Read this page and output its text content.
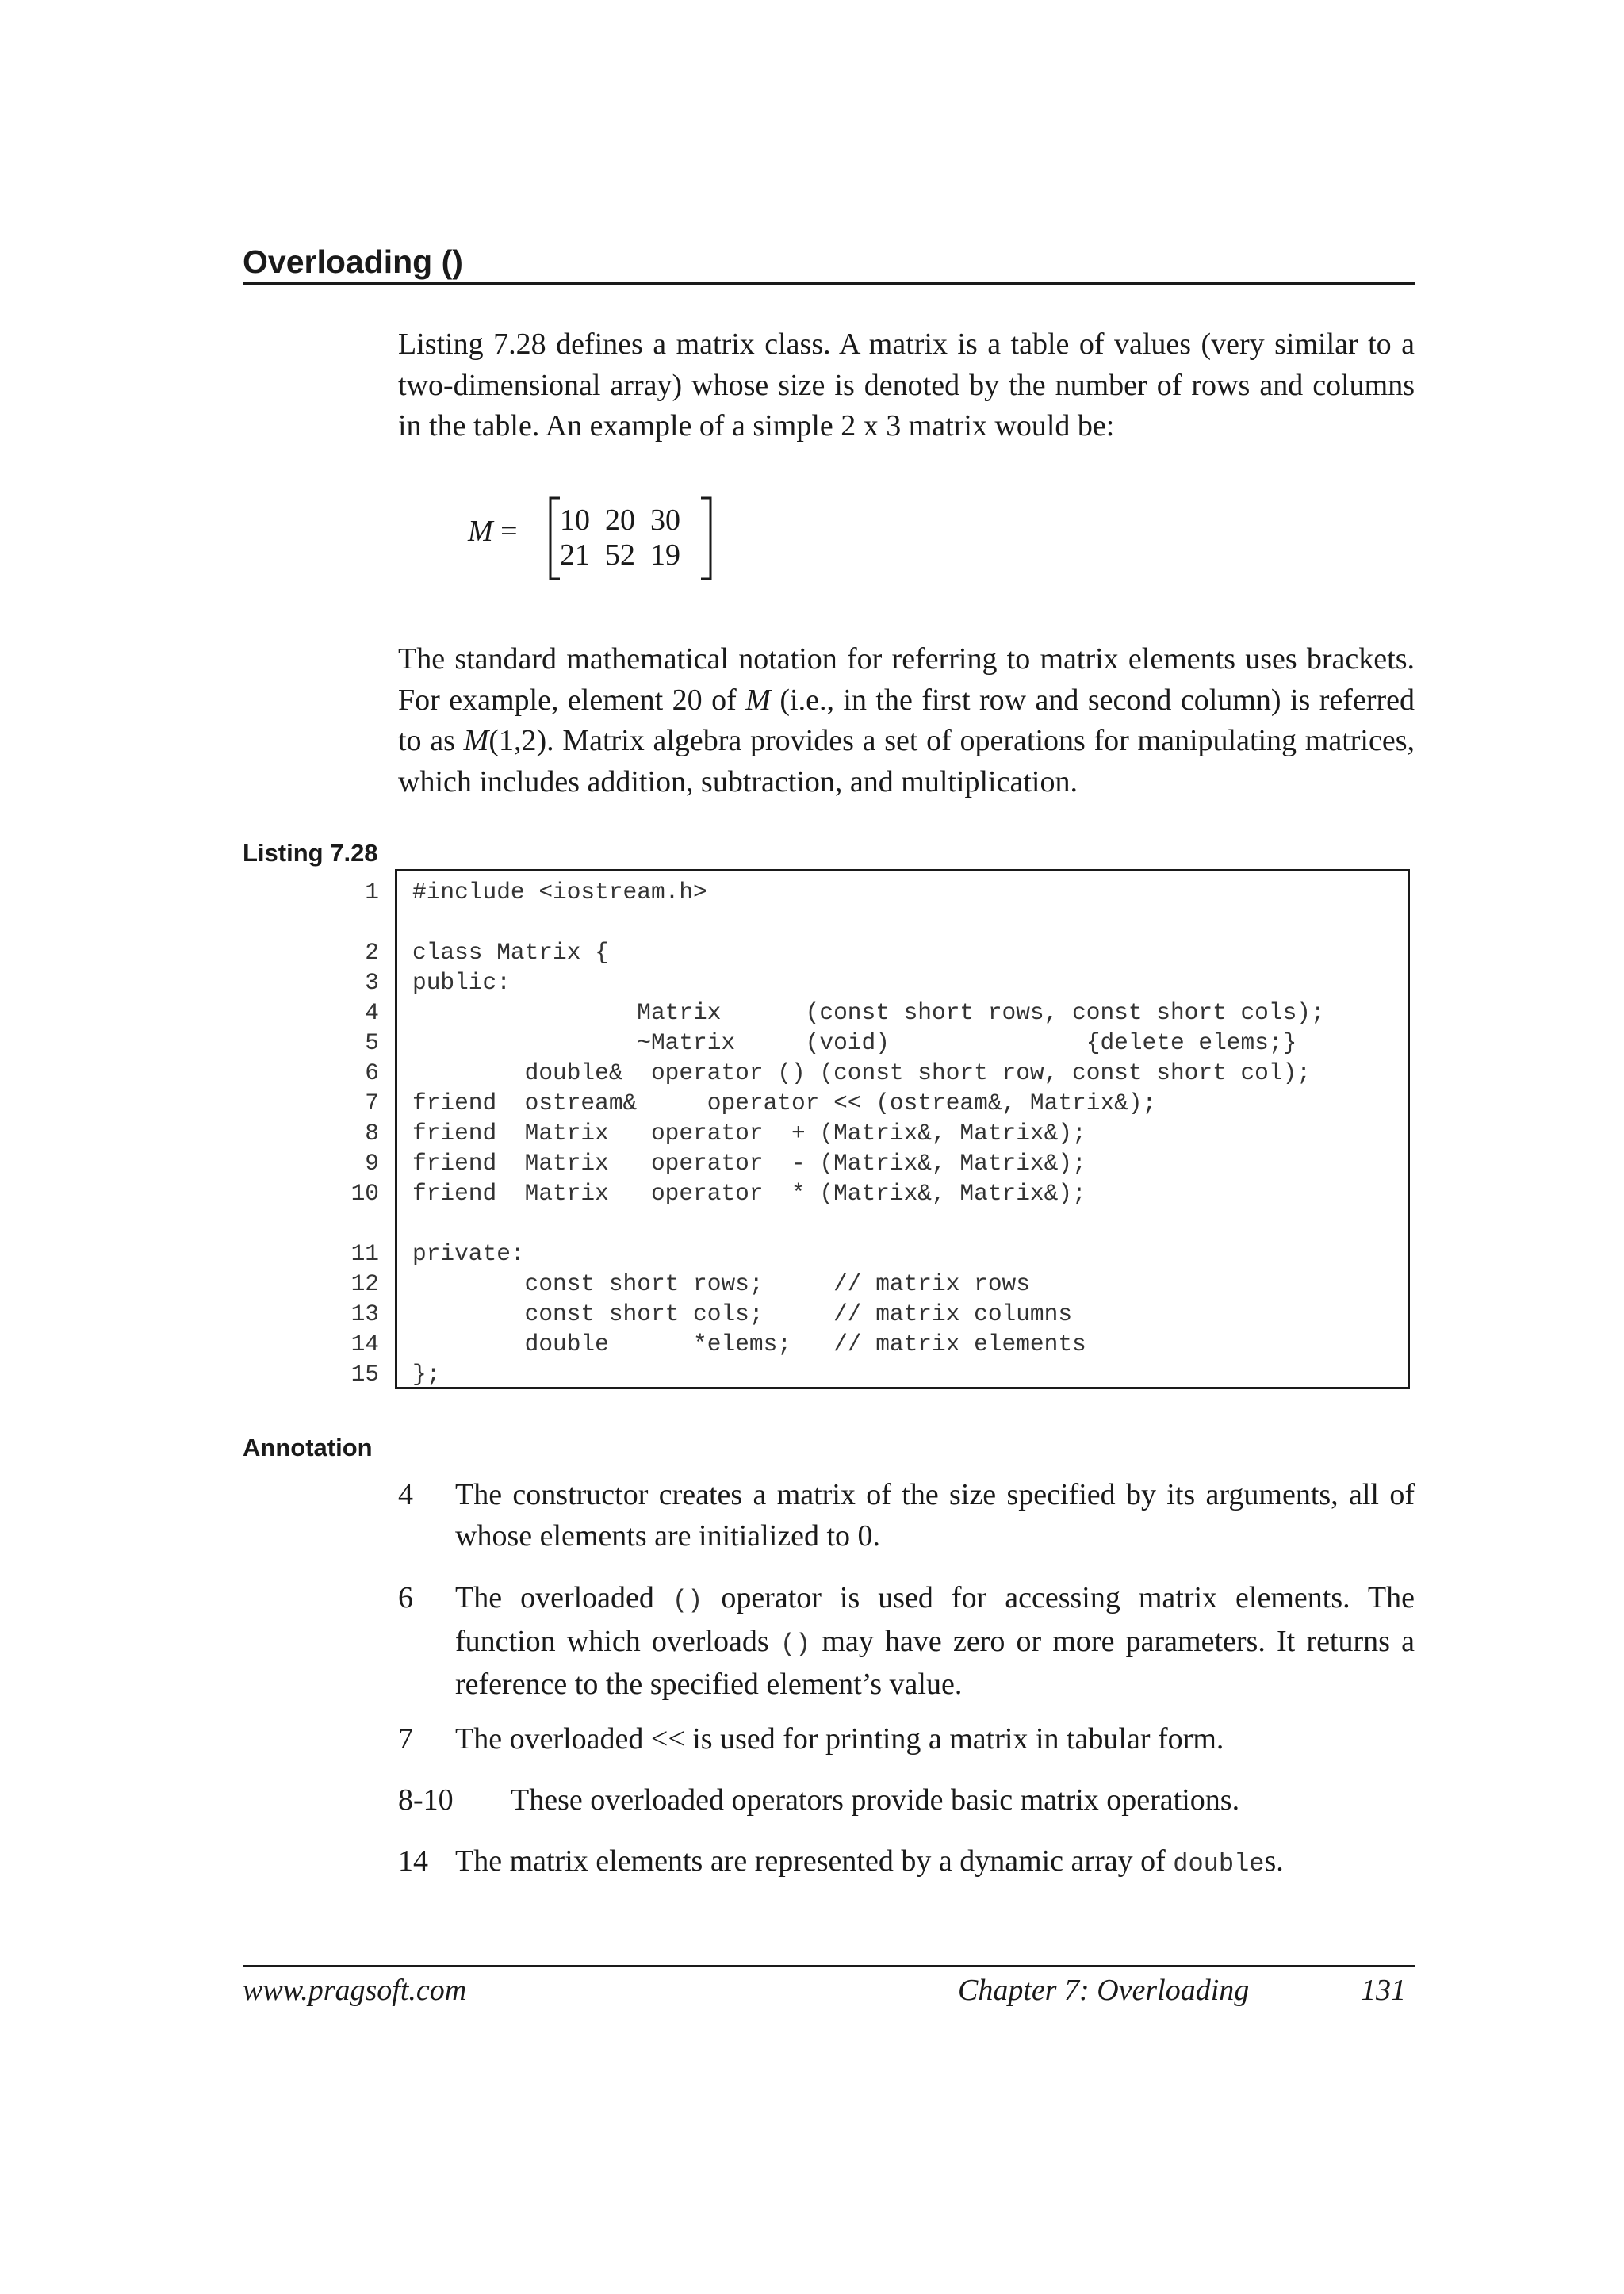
Overloading ()

Listing 7.28 defines a matrix class. A matrix is a table of values (very similar to a two-dimensional array) whose size is denoted by the number of rows and columns in the table. An example of a simple 2 x 3 matrix would be:

M = 10  20  30
21  52  19

The standard mathematical notation for referring to matrix elements uses brackets. For example, element 20 of M (i.e., in the first row and second column) is referred to as M(1,2). Matrix algebra provides a set of operations for manipulating matrices, which includes addition, subtraction, and multiplication.

Listing 7.28
1 #include <iostream.h>
2 class Matrix {
3 public:
4 Matrix      (const short rows, const short cols);
5 ~Matrix     (void)              {delete elems;}
6 double&  operator () (const short row, const short col);
7 friend  ostream&     operator << (ostream&, Matrix&);
8 friend  Matrix   operator  + (Matrix&, Matrix&);
9 friend  Matrix   operator  - (Matrix&, Matrix&);
10 friend  Matrix   operator  * (Matrix&, Matrix&);
11 private:
12 const short rows;     // matrix rows
13 const short cols;     // matrix columns
14 double      *elems;   // matrix elements
15 };
Annotation
4 The constructor creates a matrix of the size specified by its arguments, all of whose elements are initialized to 0.
6 The overloaded () operator is used for accessing matrix elements. The function which overloads () may have zero or more parameters. It returns a reference to the specified element’s value.
7 The overloaded << is used for printing a matrix in tabular form.
8-10 These overloaded operators provide basic matrix operations.
14 The matrix elements are represented by a dynamic array of doubles.
www.pragsoft.com	Chapter 7: Overloading	131
